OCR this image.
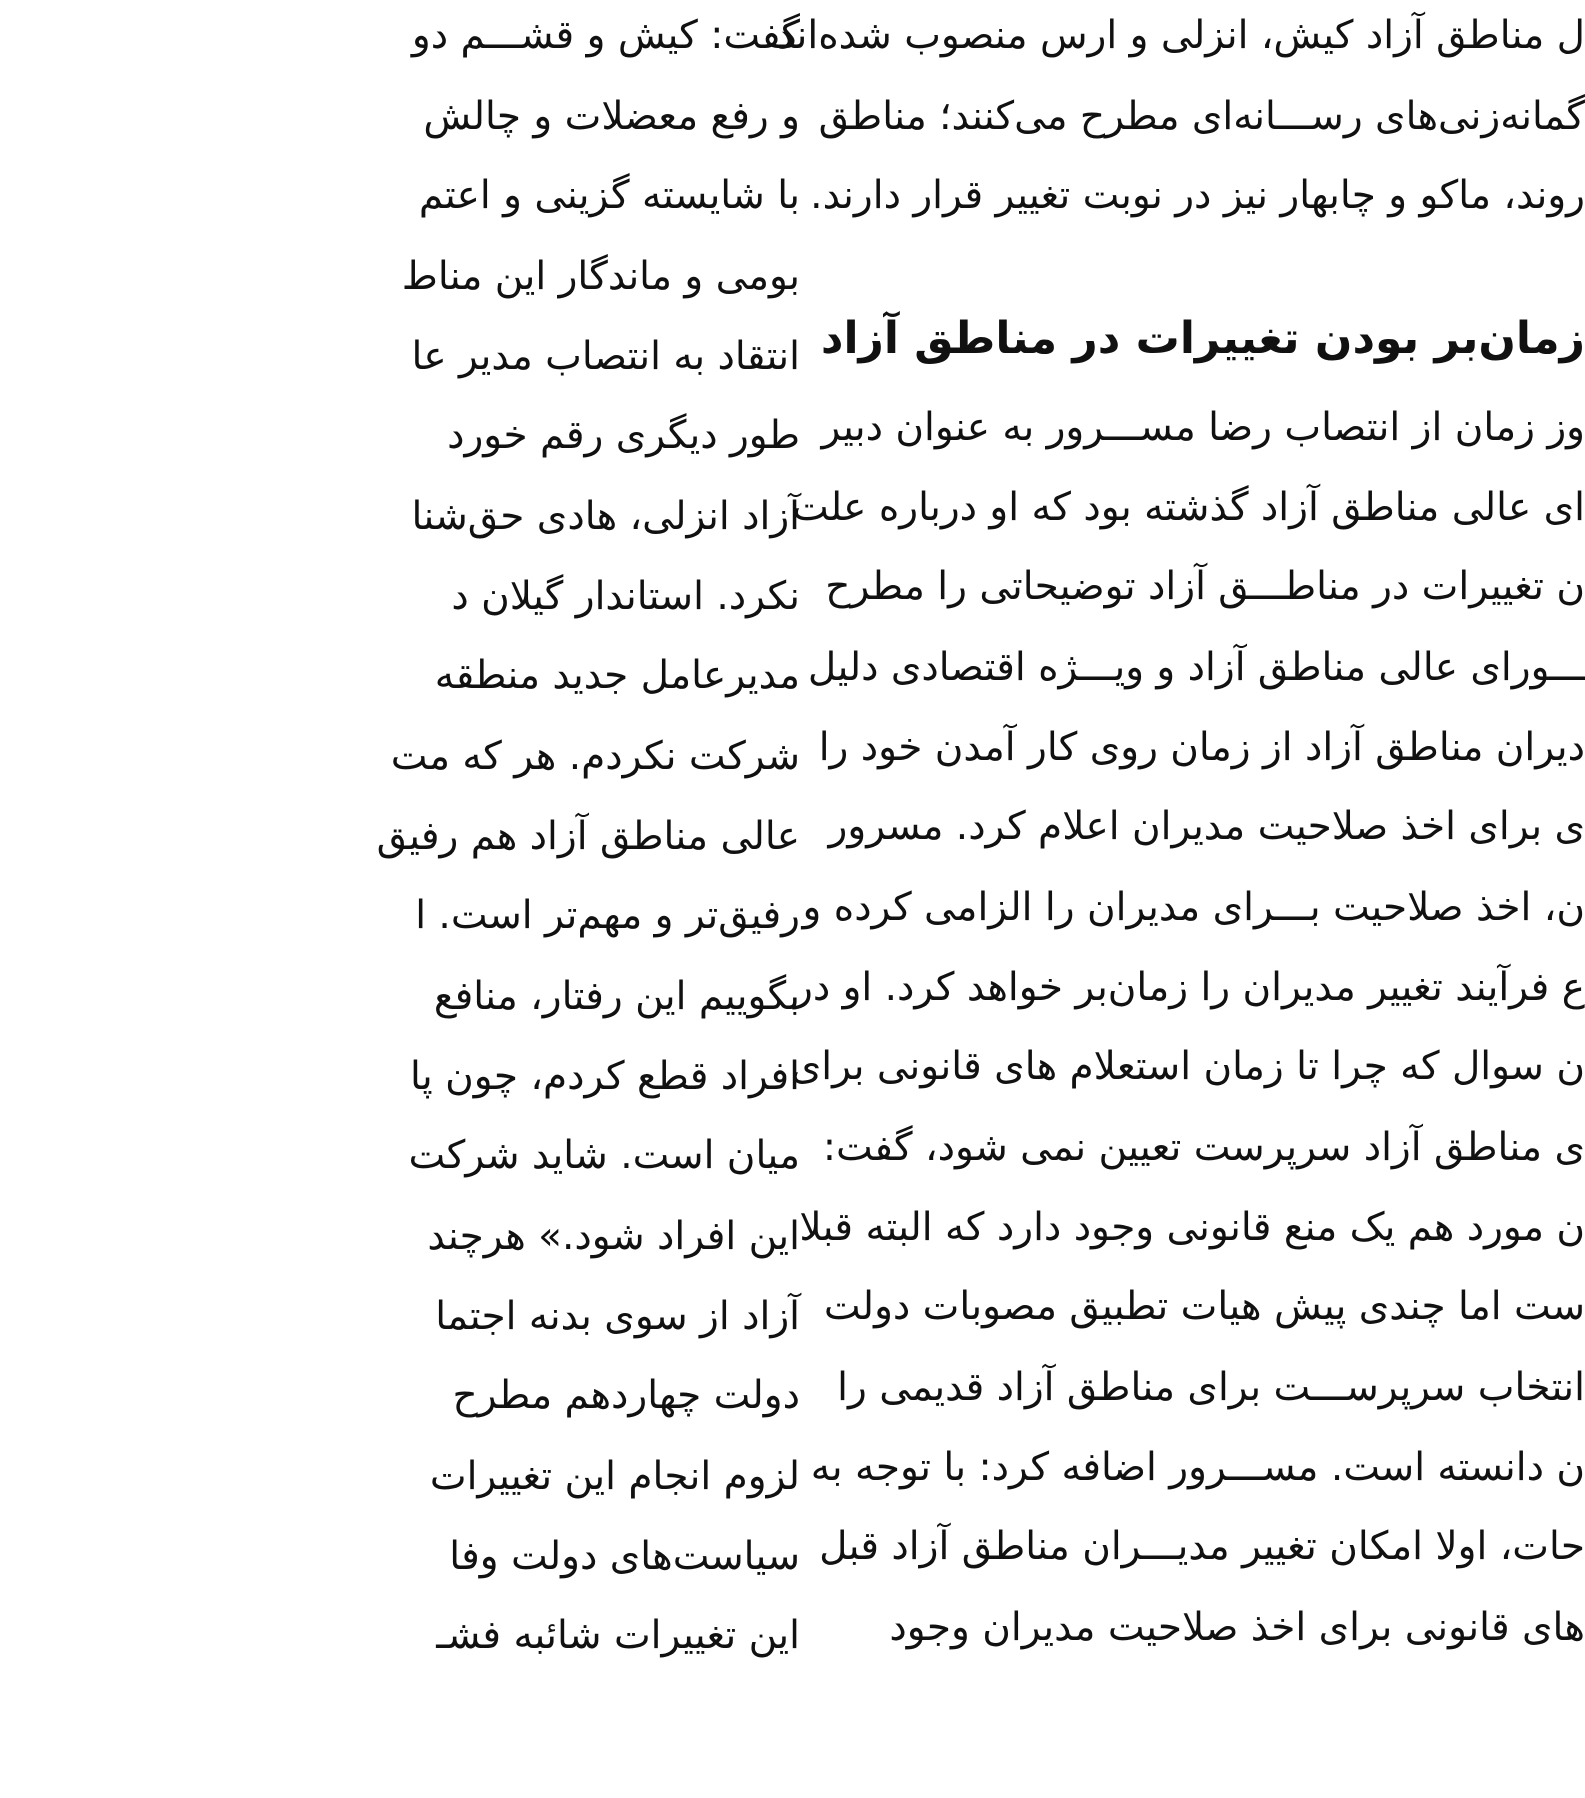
ل مناطق آزاد کیش، انزلی و ارس منصوب شده‌اند
گمانه‌زنی‌های رســـانه‌ای مطرح می‌کنند؛ مناطق
روند، ماکو و چابهار نیز در نوبت تغییر قرار دارند.
زمان‌بر بودن تغییرات در مناطق آزاد
وز زمان از انتصاب رضا مســـرور به عنوان دبیر
ای عالی مناطق آزاد گذشته بود که او درباره علت
ن تغییرات در مناطـــق آزاد توضیحاتی را مطرح
ـــورای عالی مناطق آزاد و ویـــژه اقتصادی دلیل
دیران مناطق آزاد از زمان روی کار آمدن خود را
ی برای اخذ صلاحیت مدیران اعلام کرد. مسرور
ن، اخذ صلاحیت بـــرای مدیران را الزامی کرده و
ع فرآیند تغییر مدیران را زمان‌بر خواهد کرد. او در
ن سوال که چرا تا زمان استعلام های قانونی برای
ی مناطق آزاد سرپرست تعیین نمی شود، گفت:
ن مورد هم یک منع قانونی وجود دارد که البته قبلا
ست اما چندی پیش هیات تطبیق مصوبات دولت
انتخاب سرپرســـت برای مناطق آزاد قدیمی را
ن دانسته است. مســـرور اضافه کرد: با توجه به
حات، اولا امکان تغییر مدیـــران مناطق آزاد قبل
های قانونی برای اخذ صلاحیت مدیران وجود
گفت: کیش و قشـــم دو
و رفع معضلات و چالش
با شایسته گزینی و اعتم
بومی و ماندگار این مناط
انتقاد به انتصاب مدیر عا
طور دیگری رقم خورد
آزاد انزلی، هادی حق‌شنا
نکرد. استاندار گیلان د
مدیرعامل جدید منطقه
شرکت نکردم. هر که مت
عالی مناطق آزاد هم رفیق
رفیق‌تر و مهم‌تر است. ا
بگوییم این رفتار، منافع
افراد قطع کردم، چون پا
میان است. شاید شرکت
این افراد شود.» هرچند
آزاد از سوی بدنه اجتما
دولت چهاردهم مطرح
لزوم انجام این تغییرات
سیاست‌های دولت وفا
این تغییرات شائبه فشـ
